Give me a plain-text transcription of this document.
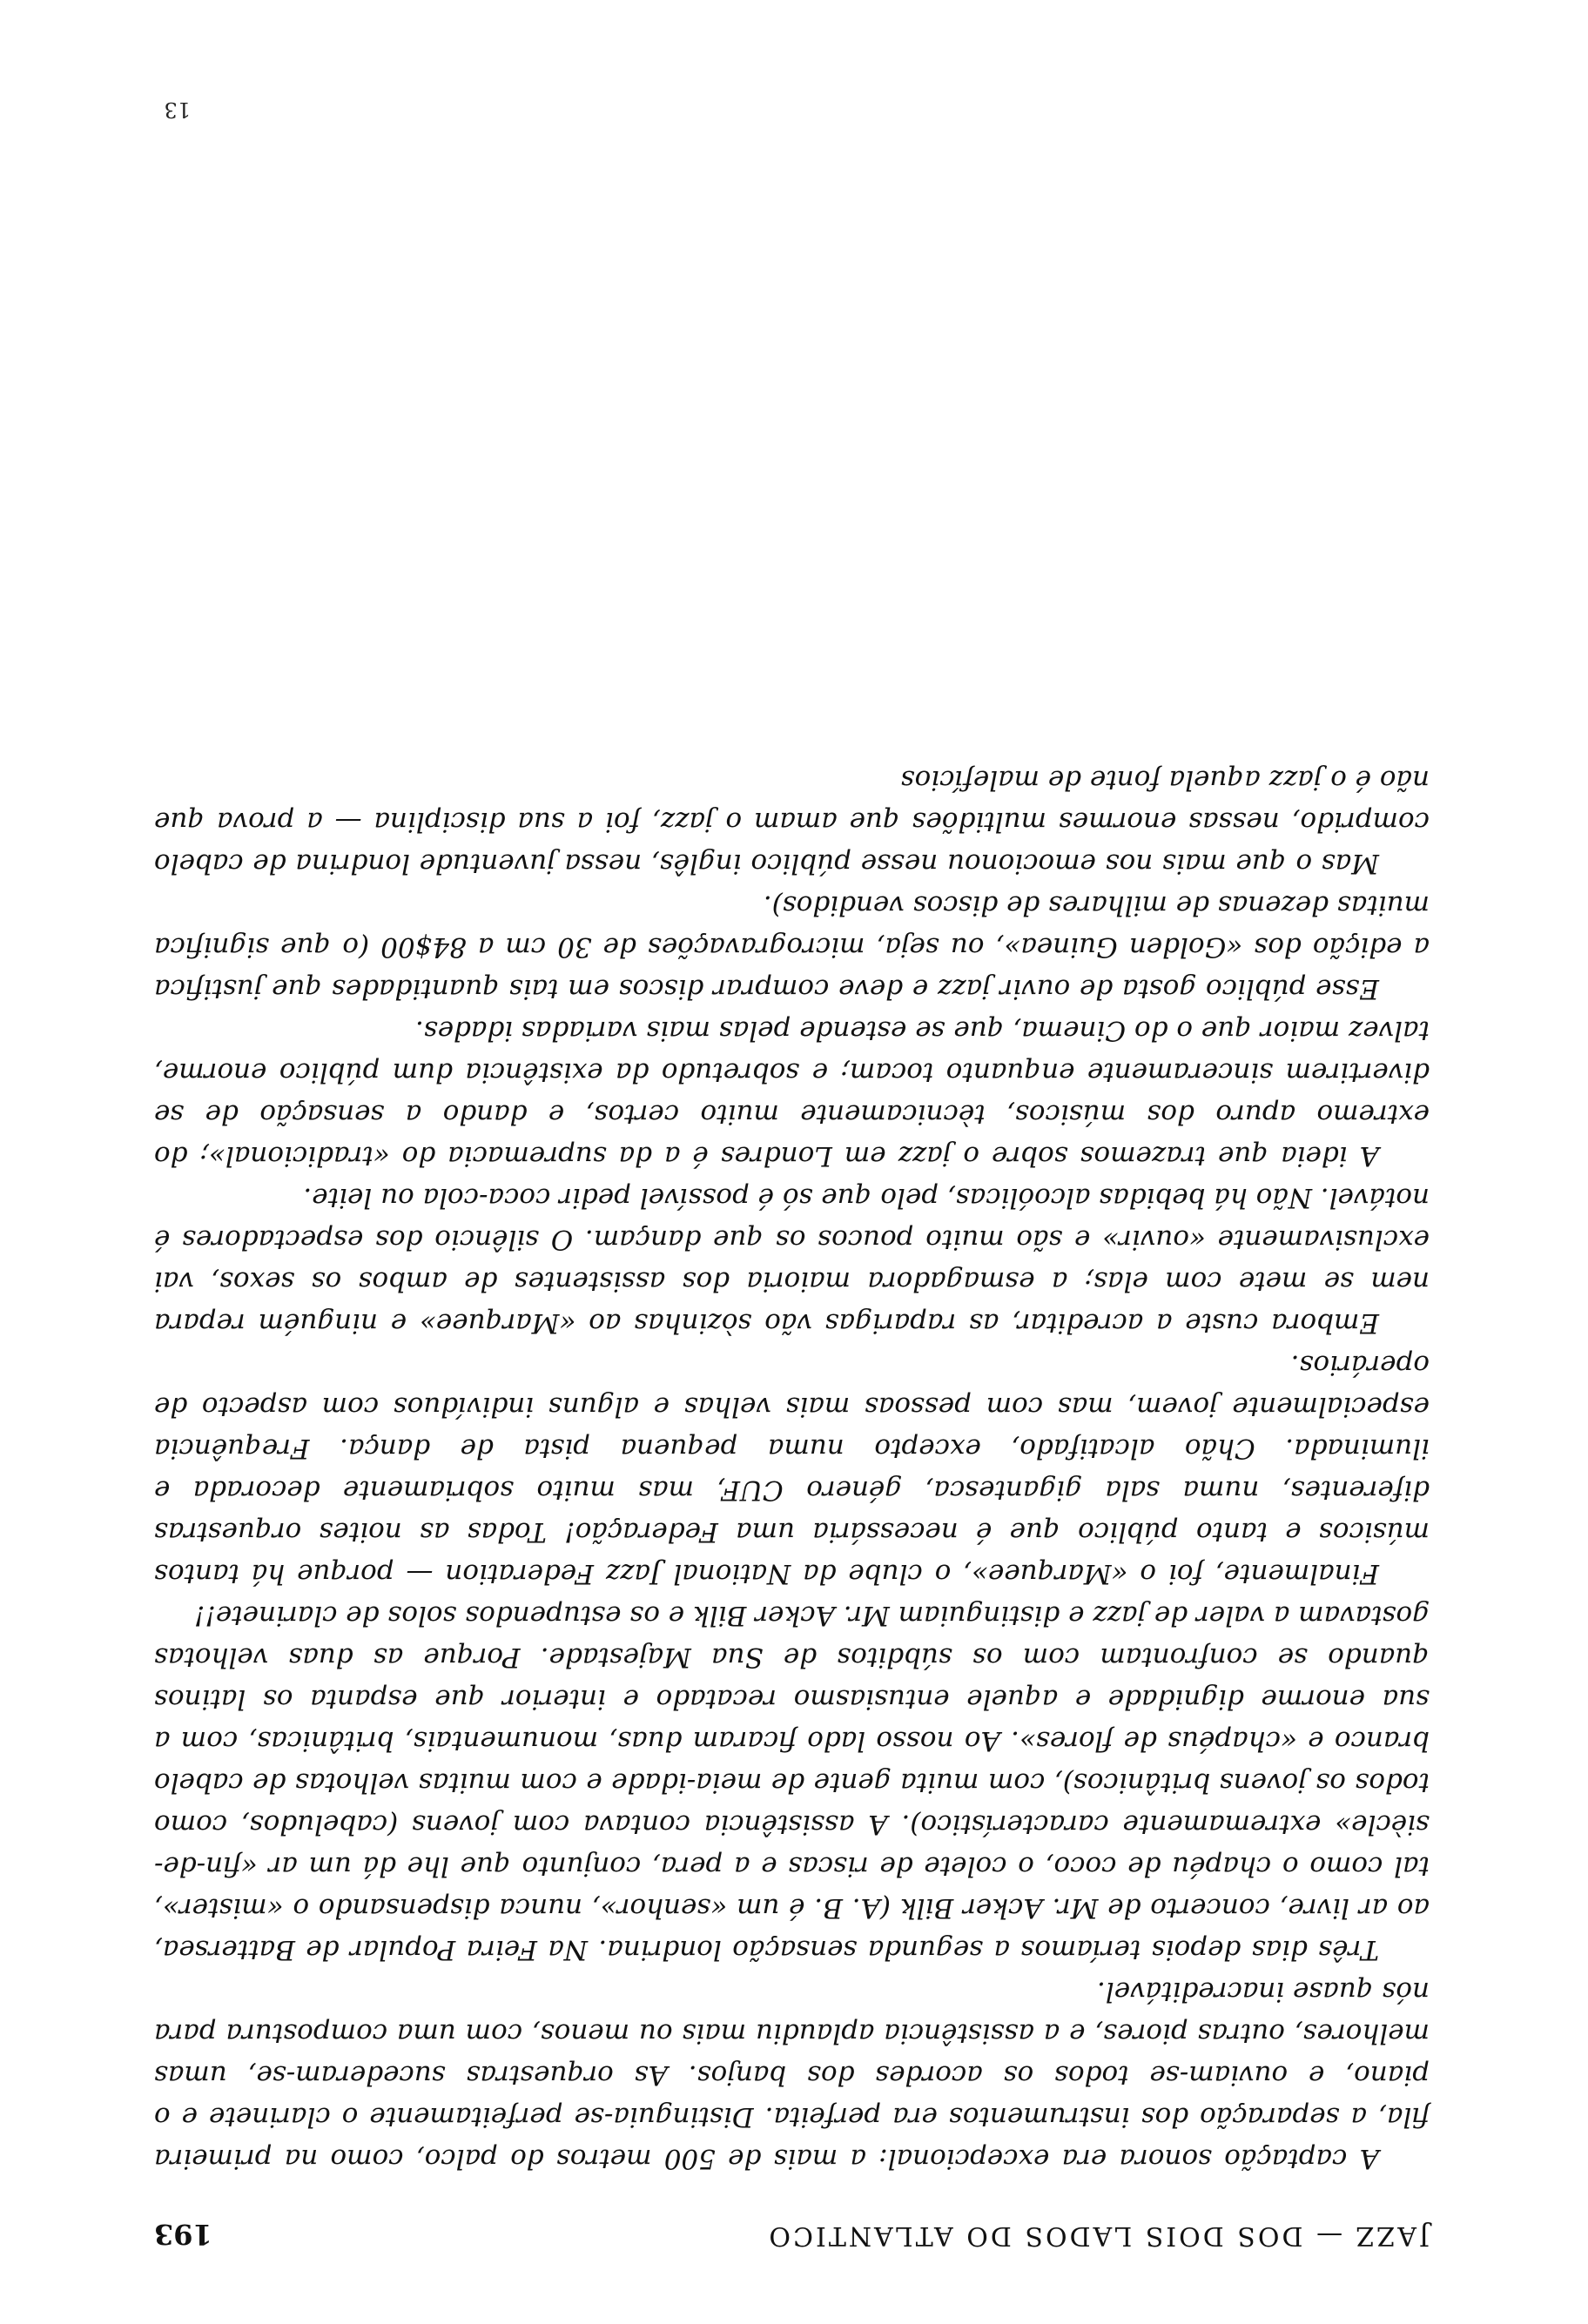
JAZZ — DOS DOIS LADOS DO ATLANTICO
193

A captação sonora era excepcional: a mais de 500 metros do palco, como na primeira fila, a separação dos instrumentos era perfeita. Distinguia-se perfeitamente o clarinete e o piano, e ouviam-se todos os acordes dos banjos. As orquestras sucederam-se, umas melhores, outras piores, e a assistência aplaudiu mais ou menos, com uma compostura para nós quase inacreditável.

Três dias depois teríamos a segunda sensação londrina. Na Feira Popular de Battersea, ao ar livre, concerto de Mr. Acker Bilk (A. B. é um «senhor», nunca dispensando o «mister», tal como o chapéu de coco, o colete de riscas e a pera, conjunto que lhe dá um ar «fin-de-siècle» extremamente característico). A assistência contava com jovens (cabeludos, como todos os jovens britânicos), com muita gente de meia-idade e com muitas velhotas de cabelo branco e «chapéus de flores». Ao nosso lado ficaram duas, monumentais, britânicas, com a sua enorme dignidade e aquele entusiasmo recatado e interior que espanta os latinos quando se confrontam com os súbditos de Sua Majestade. Porque as duas velhotas gostavam a valer de jazz e distinguiam Mr. Acker Bilk e os estupendos solos de clarinete!!

Finalmente, foi o «Marquee», o clube da National Jazz Federation — porque há tantos músicos e tanto público que é necessária uma Federação! Todas as noites orquestras diferentes, numa sala gigantesca, género CUF, mas muito sobriamente decorada e iluminada. Chão alcatifado, excepto numa pequena pista de dança. Frequência especialmente jovem, mas com pessoas mais velhas e alguns indivíduos com aspecto de operários.

Embora custe a acreditar, as raparigas vão sòzinhas ao «Marquee» e ninguém repara nem se mete com elas; a esmagadora maioria dos assistentes de ambos os sexos, vai exclusivamente «ouvir» e são muito poucos os que dançam. O silêncio dos espectadores é notável. Não há bebidas alcoólicas, pelo que só é possível pedir coca-cola ou leite.

A ideia que trazemos sobre o jazz em Londres é a da supremacia do «tradicional»; do extremo apuro dos músicos, tècnicamente muito certos, e dando a sensação de se divertirem sinceramente enquanto tocam; e sobretudo da existência dum público enorme, talvez maior que o do Cinema, que se estende pelas mais variadas idades.

Esse público gosta de ouvir jazz e deve comprar discos em tais quantidades que justifica a edição dos «Golden Guinea», ou seja, microgravações de 30 cm a 84$00 (o que significa muitas dezenas de milhares de discos vendidos).

Mas o que mais nos emocionou nesse público inglês, nessa juventude londrina de cabelo comprido, nessas enormes multidões que amam o jazz, foi a sua disciplina — a prova que não é o jazz aquela fonte de malefícios

13
